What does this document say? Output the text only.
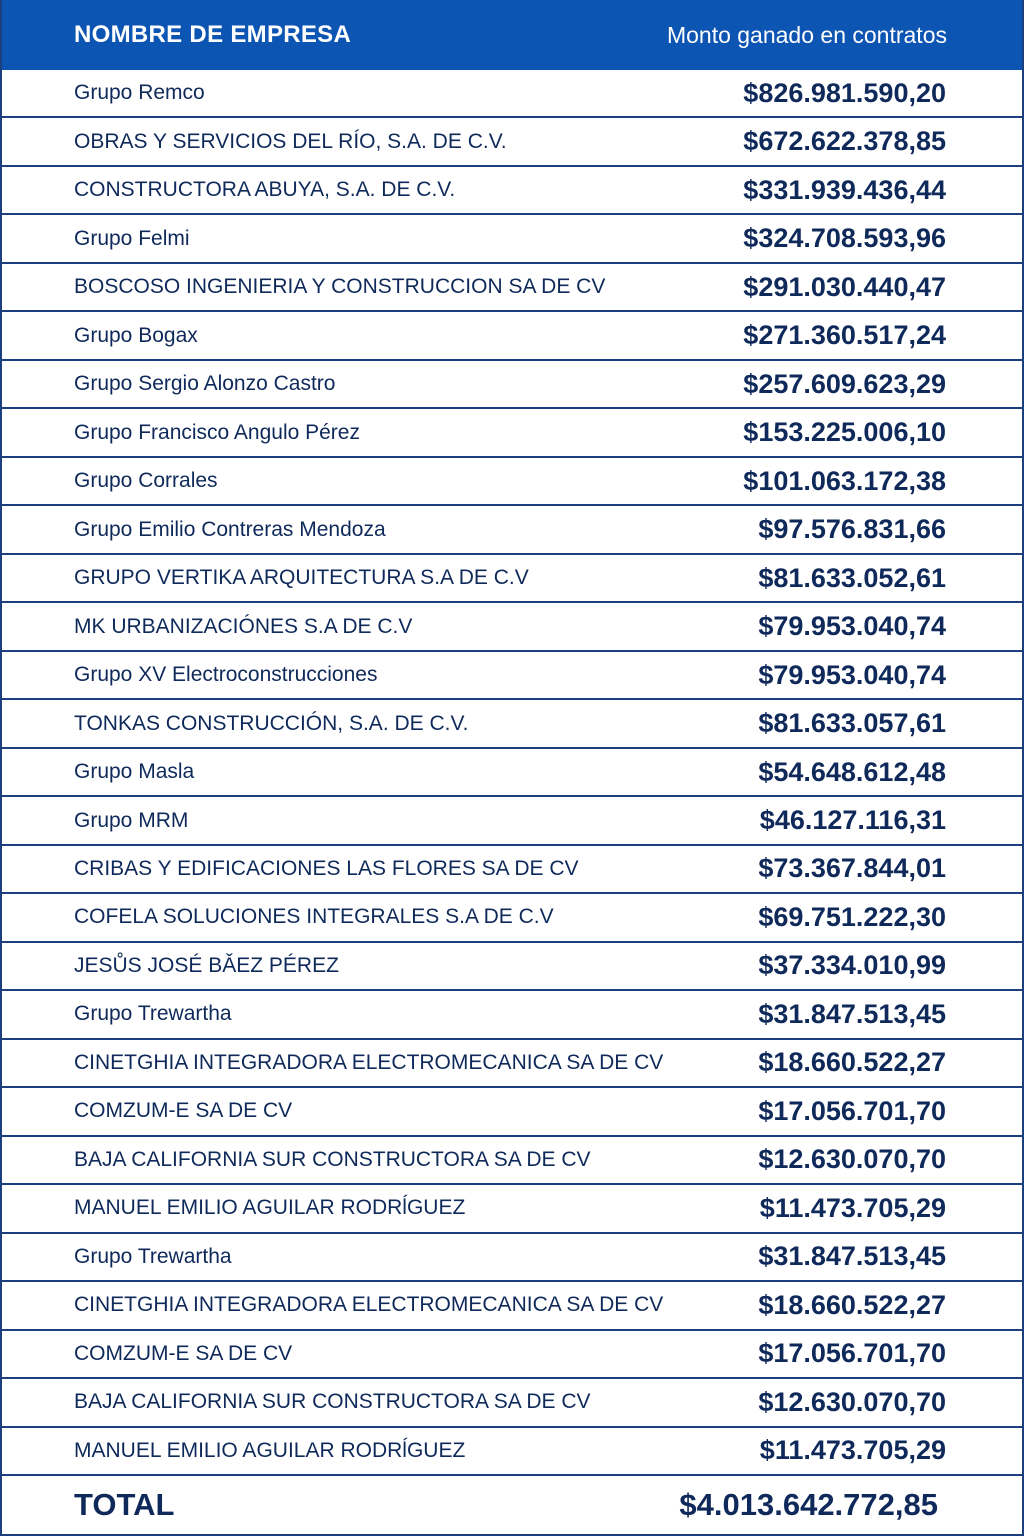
NOMBRE DE EMPRESA	Monto ganado en contratos
Grupo Remco	$826.981.590,20
OBRAS Y SERVICIOS DEL RÍO, S.A. DE C.V.	$672.622.378,85
CONSTRUCTORA ABUYA, S.A. DE C.V.	$331.939.436,44
Grupo Felmi	$324.708.593,96
BOSCOSO INGENIERIA Y CONSTRUCCION SA DE CV	$291.030.440,47
Grupo Bogax	$271.360.517,24
Grupo Sergio Alonzo Castro	$257.609.623,29
Grupo Francisco Angulo Pérez	$153.225.006,10
Grupo Corrales	$101.063.172,38
Grupo Emilio Contreras Mendoza	$97.576.831,66
GRUPO VERTIKA ARQUITECTURA S.A DE C.V	$81.633.052,61
MK URBANIZACIÓNES S.A DE C.V	$79.953.040,74
Grupo XV Electroconstrucciones	$79.953.040,74
TONKAS CONSTRUCCIÓN, S.A. DE C.V.	$81.633.057,61
Grupo Masla	$54.648.612,48
Grupo MRM	$46.127.116,31
CRIBAS Y EDIFICACIONES LAS FLORES SA DE CV	$73.367.844,01
COFELA SOLUCIONES INTEGRALES S.A DE C.V	$69.751.222,30
JESŮS JOSÉ BǍEZ PÉREZ	$37.334.010,99
Grupo Trewartha	$31.847.513,45
CINETGHIA INTEGRADORA ELECTROMECANICA SA DE CV	$18.660.522,27
COMZUM-E SA DE CV	$17.056.701,70
BAJA CALIFORNIA SUR CONSTRUCTORA SA DE CV	$12.630.070,70
MANUEL EMILIO AGUILAR RODRĺGUEZ	$11.473.705,29
Grupo Trewartha	$31.847.513,45
CINETGHIA INTEGRADORA ELECTROMECANICA SA DE CV	$18.660.522,27
COMZUM-E SA DE CV	$17.056.701,70
BAJA CALIFORNIA SUR CONSTRUCTORA SA DE CV	$12.630.070,70
MANUEL EMILIO AGUILAR RODRĺGUEZ	$11.473.705,29
TOTAL	$4.013.642.772,85
